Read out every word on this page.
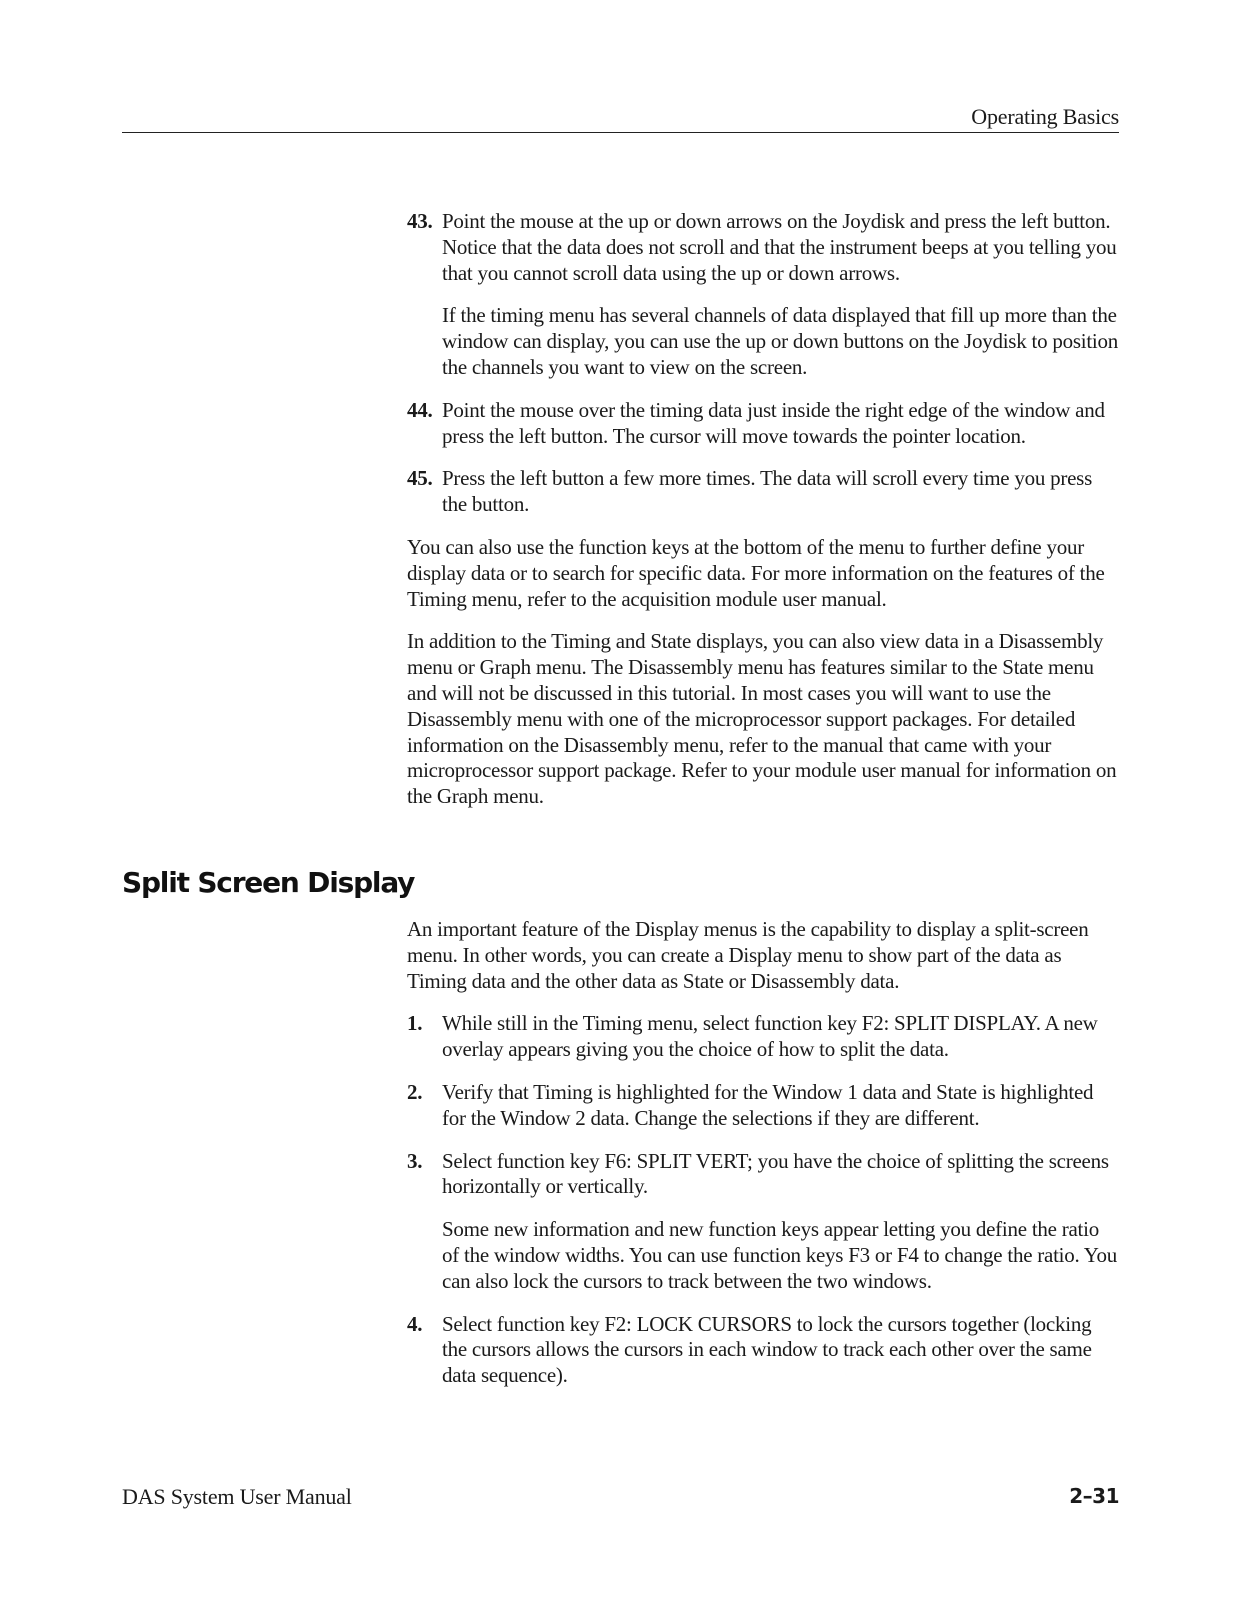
Operating Basics
43. Point the mouse at the up or down arrows on the Joydisk and press the left button. Notice that the data does not scroll and that the instrument beeps at you telling you that you cannot scroll data using the up or down arrows.

If the timing menu has several channels of data displayed that fill up more than the window can display, you can use the up or down buttons on the Joydisk to position the channels you want to view on the screen.

44. Point the mouse over the timing data just inside the right edge of the window and press the left button. The cursor will move towards the pointer location.

45. Press the left button a few more times. The data will scroll every time you press the button.

You can also use the function keys at the bottom of the menu to further define your display data or to search for specific data. For more information on the features of the Timing menu, refer to the acquisition module user manual.

In addition to the Timing and State displays, you can also view data in a Disassembly menu or Graph menu. The Disassembly menu has features similar to the State menu and will not be discussed in this tutorial. In most cases you will want to use the Disassembly menu with one of the microprocessor support packages. For detailed information on the Disassembly menu, refer to the manual that came with your microprocessor support package. Refer to your module user manual for information on the Graph menu.

Split Screen Display

An important feature of the Display menus is the capability to display a split-screen menu. In other words, you can create a Display menu to show part of the data as Timing data and the other data as State or Disassembly data.

1. While still in the Timing menu, select function key F2: SPLIT DISPLAY. A new overlay appears giving you the choice of how to split the data.

2. Verify that Timing is highlighted for the Window 1 data and State is highlighted for the Window 2 data. Change the selections if they are different.

3. Select function key F6: SPLIT VERT; you have the choice of splitting the screens horizontally or vertically.

Some new information and new function keys appear letting you define the ratio of the window widths. You can use function keys F3 or F4 to change the ratio. You can also lock the cursors to track between the two windows.

4. Select function key F2: LOCK CURSORS to lock the cursors together (locking the cursors allows the cursors in each window to track each other over the same data sequence).

DAS System User Manual	2–31
